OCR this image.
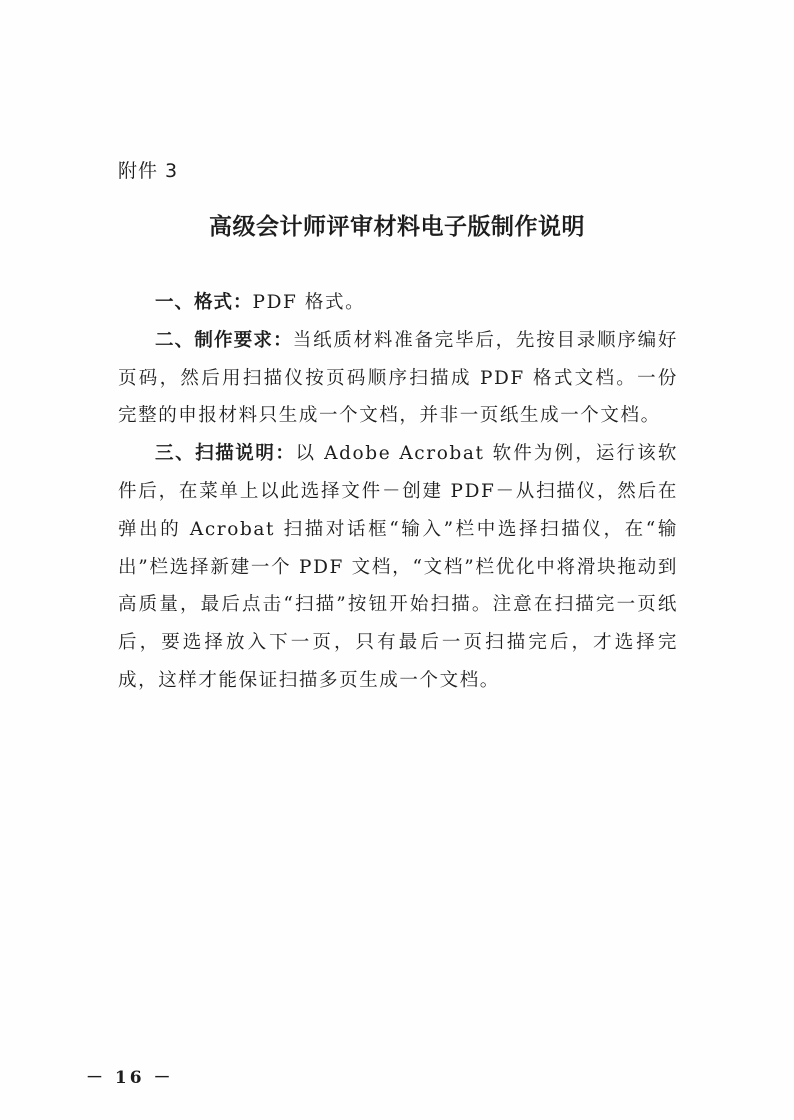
附件 3
高级会计师评审材料电子版制作说明

一、格式：PDF 格式。

二、制作要求：当纸质材料准备完毕后，先按目录顺序编好页码，然后用扫描仪按页码顺序扫描成 PDF 格式文档。一份完整的申报材料只生成一个文档，并非一页纸生成一个文档。

三、扫描说明：以 Adobe Acrobat 软件为例，运行该软件后，在菜单上以此选择文件－创建 PDF－从扫描仪，然后在弹出的 Acrobat 扫描对话框“输入”栏中选择扫描仪，在“输出”栏选择新建一个 PDF 文档，“文档”栏优化中将滑块拖动到高质量，最后点击“扫描”按钮开始扫描。注意在扫描完一页纸后，要选择放入下一页，只有最后一页扫描完后，才选择完成，这样才能保证扫描多页生成一个文档。

－ 16 －
